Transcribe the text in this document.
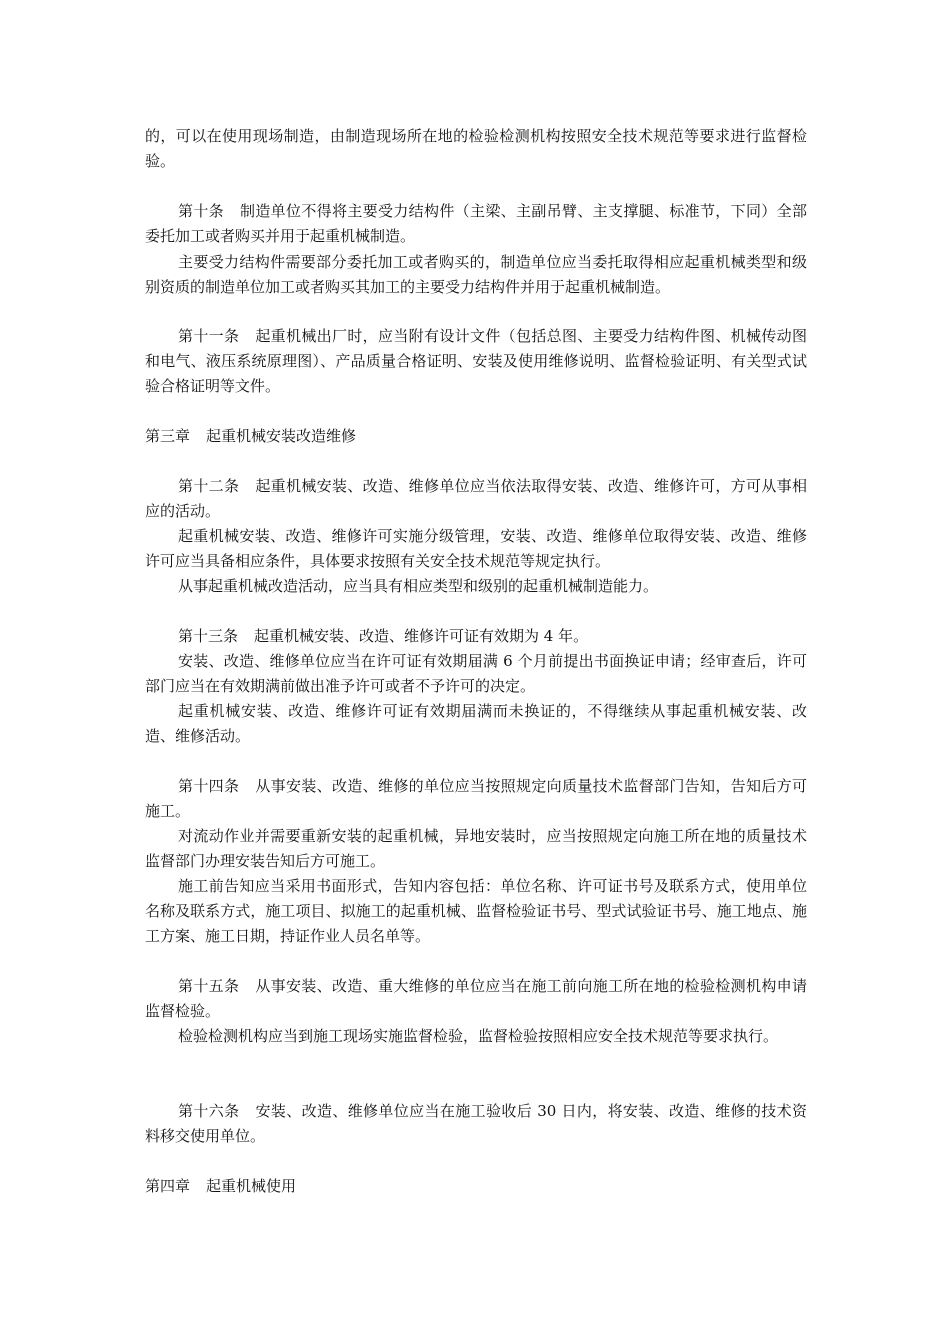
的，可以在使用现场制造，由制造现场所在地的检验检测机构按照安全技术规范等要求进行监督检验。

第十条 制造单位不得将主要受力结构件（主梁、主副吊臂、主支撑腿、标准节，下同）全部委托加工或者购买并用于起重机械制造。

主要受力结构件需要部分委托加工或者购买的，制造单位应当委托取得相应起重机械类型和级别资质的制造单位加工或者购买其加工的主要受力结构件并用于起重机械制造。

第十一条 起重机械出厂时，应当附有设计文件（包括总图、主要受力结构件图、机械传动图和电气、液压系统原理图）、产品质量合格证明、安装及使用维修说明、监督检验证明、有关型式试验合格证明等文件。

第三章 起重机械安装改造维修

第十二条 起重机械安装、改造、维修单位应当依法取得安装、改造、维修许可，方可从事相应的活动。

起重机械安装、改造、维修许可实施分级管理，安装、改造、维修单位取得安装、改造、维修许可应当具备相应条件，具体要求按照有关安全技术规范等规定执行。

从事起重机械改造活动，应当具有相应类型和级别的起重机械制造能力。

第十三条 起重机械安装、改造、维修许可证有效期为 4 年。

安装、改造、维修单位应当在许可证有效期届满 6 个月前提出书面换证申请；经审查后，许可部门应当在有效期满前做出准予许可或者不予许可的决定。

起重机械安装、改造、维修许可证有效期届满而未换证的，不得继续从事起重机械安装、改造、维修活动。

第十四条 从事安装、改造、维修的单位应当按照规定向质量技术监督部门告知，告知后方可施工。

对流动作业并需要重新安装的起重机械，异地安装时，应当按照规定向施工所在地的质量技术监督部门办理安装告知后方可施工。

施工前告知应当采用书面形式，告知内容包括：单位名称、许可证书号及联系方式，使用单位名称及联系方式，施工项目、拟施工的起重机械、监督检验证书号、型式试验证书号、施工地点、施工方案、施工日期，持证作业人员名单等。

第十五条 从事安装、改造、重大维修的单位应当在施工前向施工所在地的检验检测机构申请监督检验。

检验检测机构应当到施工现场实施监督检验，监督检验按照相应安全技术规范等要求执行。

第十六条 安装、改造、维修单位应当在施工验收后 30 日内，将安装、改造、维修的技术资料移交使用单位。

第四章 起重机械使用
